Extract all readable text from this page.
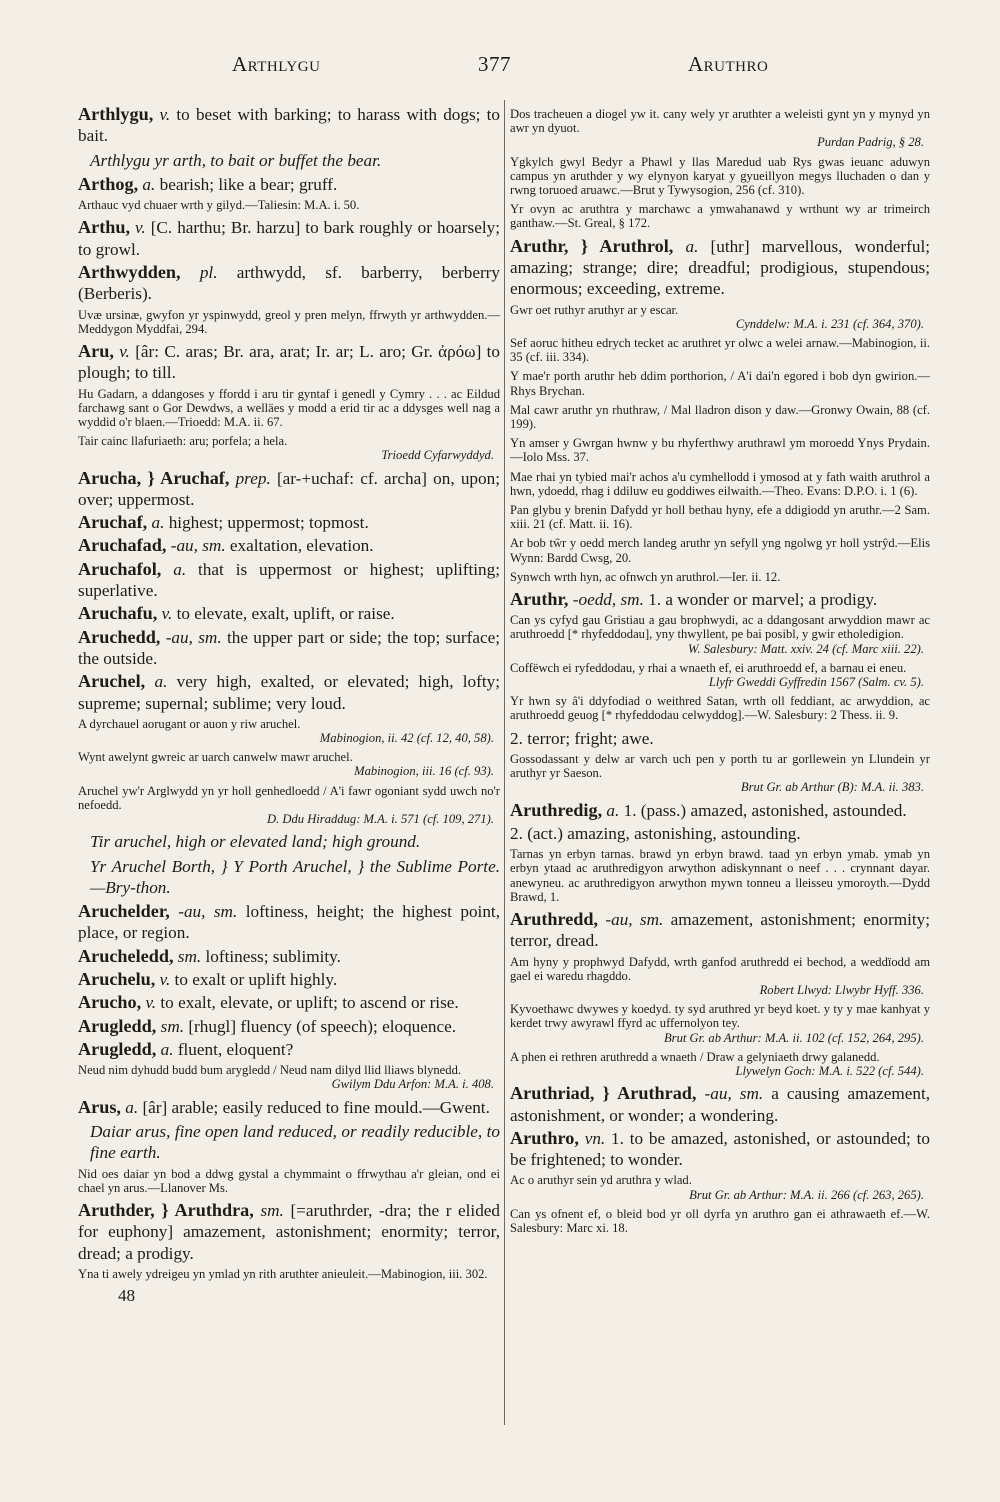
Arthlygu	377	Aruthro
Arthlygu, v. to beset with barking; to harass with dogs; to bait.
Arthlygu yr arth, to bait or buffet the bear.
Arthog, a. bearish; like a bear; gruff.
Arthauc vyd chuaer wrth y gilyd.—Taliesin: M.A. i. 50.
Arthu, v. [C. harthu; Br. harzu] to bark roughly or hoarsely; to growl.
Arthwydden, pl. arthwydd, sf. barberry, berberry (Berberis).
Uvæ ursinæ, gwyfon yr yspinwydd, greol y pren melyn, ffrwyth yr arthwydden.—Meddygon Myddfai, 294.
Aru, v. [âr: C. aras; Br. ara, arat; Ir. ar; L. aro; Gr. ἀρόω] to plough; to till.
Hu Gadarn, a ddangoses y ffordd i aru tir gyntaf i genedl y Cymry . . . ac Eildud farchawg sant o Gor Dewdws, a welläes y modd a erid tir ac a ddysges well nag a wyddid o'r blaen.—Trioedd: M.A. ii. 67.
Tair cainc llafuriaeth: aru; porfela; a hela.
Trioedd Cyfarwyddyd.
Arucha, } Aruchaf, prep. [ar-+uchaf: cf. archa] on, upon; over; uppermost.
Aruchaf, a. highest; uppermost; topmost.
Aruchafad, -au, sm. exaltation, elevation.
Aruchafol, a. that is uppermost or highest; uplifting; superlative.
Aruchafu, v. to elevate, exalt, uplift, or raise.
Aruchedd, -au, sm. the upper part or side; the top; surface; the outside.
Aruchel, a. very high, exalted, or elevated; high, lofty; supreme; supernal; sublime; very loud.
A dyrchauel aorugant or auon y riw aruchel.
Mabinogion, ii. 42 (cf. 12, 40, 58).
Wynt awelynt gwreic ar uarch canwelw mawr aruchel.
Mabinogion, iii. 16 (cf. 93).
Aruchel yw'r Arglwydd yn yr holl genhedloedd / A'i fawr ogoniant sydd uwch no'r nefoedd.
D. Ddu Hiraddug: M.A. i. 571 (cf. 109, 271).
Tir aruchel, high or elevated land; high ground.
Yr Aruchel Borth, } Y Porth Aruchel, } the Sublime Porte.—Bry-thon.
Aruchelder, -au, sm. loftiness, height; the highest point, place, or region.
Arucheledd, sm. loftiness; sublimity.
Aruchelu, v. to exalt or uplift highly.
Arucho, v. to exalt, elevate, or uplift; to ascend or rise.
Arugledd, sm. [rhugl] fluency (of speech); eloquence.
Arugledd, a. fluent, eloquent?
Neud nim dyhudd budd bum arygledd / Neud nam dilyd llid lliaws blynedd.
Gwilym Ddu Arfon: M.A. i. 408.
Arus, a. [âr] arable; easily reduced to fine mould.—Gwent.
Daiar arus, fine open land reduced, or readily reducible, to fine earth.
Nid oes daiar yn bod a ddwg gystal a chymmaint o ffrwythau a'r gleian, ond ei chael yn arus.—Llanover Ms.
Aruthder, } Aruthdra, sm. [=aruthrder, -dra; the r elided for euphony] amazement, astonishment; enormity; terror, dread; a prodigy.
Yna ti awely ydreigeu yn ymlad yn rith aruthter anieuleit.—Mabinogion, iii. 302.
48
Dos tracheuen a diogel yw it. cany wely yr aruthter a weleisti gynt yn y mynyd yn awr yn dyuot.
Purdan Padrig, § 28.
Ygkylch gwyl Bedyr a Phawl y llas Maredud uab Rys gwas ieuanc aduwyn campus yn aruthder y wy elynyon karyat y gyueillyon megys lluchaden o dan y rwng toruoed aruawc.—Brut y Tywysogion, 256 (cf. 310).
Yr ovyn ac aruthtra y marchawc a ymwahanawd y wrthunt wy ar trimeirch ganthaw.—St. Greal, § 172.
Aruthr, } Aruthrol, a. [uthr] marvellous, wonderful; amazing; strange; dire; dreadful; prodigious, stupendous; enormous; exceeding, extreme.
Gwr oet ruthyr aruthyr ar y escar.
Cynddelw: M.A. i. 231 (cf. 364, 370).
Sef aoruc hitheu edrych tecket ac aruthret yr olwc a welei arnaw.—Mabinogion, ii. 35 (cf. iii. 334).
Y mae'r porth aruthr heb ddim porthorion, / A'i dai'n egored i bob dyn gwirion.—Rhys Brychan.
Mal cawr aruthr yn rhuthraw, / Mal lladron dison y daw.—Gronwy Owain, 88 (cf. 199).
Yn amser y Gwrgan hwnw y bu rhyferthwy aruthrawl ym moroedd Ynys Prydain.—Iolo Mss. 37.
Mae rhai yn tybied mai'r achos a'u cymhellodd i ymosod at y fath waith aruthrol a hwn, ydoedd, rhag i ddiluw eu goddiwes eilwaith.—Theo. Evans: D.P.O. i. 1 (6).
Pan glybu y brenin Dafydd yr holl bethau hyny, efe a ddigiodd yn aruthr.—2 Sam. xiii. 21 (cf. Matt. ii. 16).
Ar bob tŵr y oedd merch landeg aruthr yn sefyll yng ngolwg yr holl ystrŷd.—Elis Wynn: Bardd Cwsg, 20.
Synwch wrth hyn, ac ofnwch yn aruthrol.—Ier. ii. 12.
Aruthr, -oedd, sm. 1. a wonder or marvel; a prodigy.
Can ys cyfyd gau Gristiau a gau brophwydi, ac a ddangosant arwyddion mawr ac aruthroedd [* rhyfeddodau], yny thwyllent, pe bai posibl, y gwir etholedigion.
W. Salesbury: Matt. xxiv. 24 (cf. Marc xiii. 22).
Coffëwch ei ryfeddodau, y rhai a wnaeth ef, ei aruthroedd ef, a barnau ei eneu.
Llyfr Gweddi Gyffredin 1567 (Salm. cv. 5).
Yr hwn sy â'i ddyfodiad o weithred Satan, wrth oll feddiant, ac arwyddion, ac aruthroedd geuog [* rhyfeddodau celwyddog].—W. Salesbury: 2 Thess. ii. 9.
2. terror; fright; awe.
Gossodassant y delw ar varch uch pen y porth tu ar gorllewein yn Llundein yr aruthyr yr Saeson.
Brut Gr. ab Arthur (B): M.A. ii. 383.
Aruthredig, a. 1. (pass.) amazed, astonished, astounded.
2. (act.) amazing, astonishing, astounding.
Tarnas yn erbyn tarnas. brawd yn erbyn brawd. taad yn erbyn ymab. ymab yn erbyn ytaad ac aruthredigyon arwython adiskynnant o neef . . . crynnant dayar. anewyneu. ac aruthredigyon arwython mywn tonneu a lleisseu ymoroyth.—Dydd Brawd, 1.
Aruthredd, -au, sm. amazement, astonishment; enormity; terror, dread.
Am hyny y prophwyd Dafydd, wrth ganfod aruthredd ei bechod, a weddïodd am gael ei waredu rhagddo.
Robert Llwyd: Llwybr Hyff. 336.
Kyvoethawc dwywes y koedyd. ty syd aruthred yr beyd koet. y ty y mae kanhyat y kerdet trwy awyrawl ffyrd ac uffernolyon tey.
Brut Gr. ab Arthur: M.A. ii. 102 (cf. 152, 264, 295).
A phen ei rethren aruthredd a wnaeth / Draw a gelyniaeth drwy galanedd.
Llywelyn Goch: M.A. i. 522 (cf. 544).
Aruthriad, } Aruthrad, -au, sm. a causing amazement, astonishment, or wonder; a wondering.
Aruthro, vn. 1. to be amazed, astonished, or astounded; to be frightened; to wonder.
Ac o aruthyr sein yd aruthra y wlad.
Brut Gr. ab Arthur: M.A. ii. 266 (cf. 263, 265).
Can ys ofnent ef, o bleid bod yr oll dyrfa yn aruthro gan ei athrawaeth ef.—W. Salesbury: Marc xi. 18.
